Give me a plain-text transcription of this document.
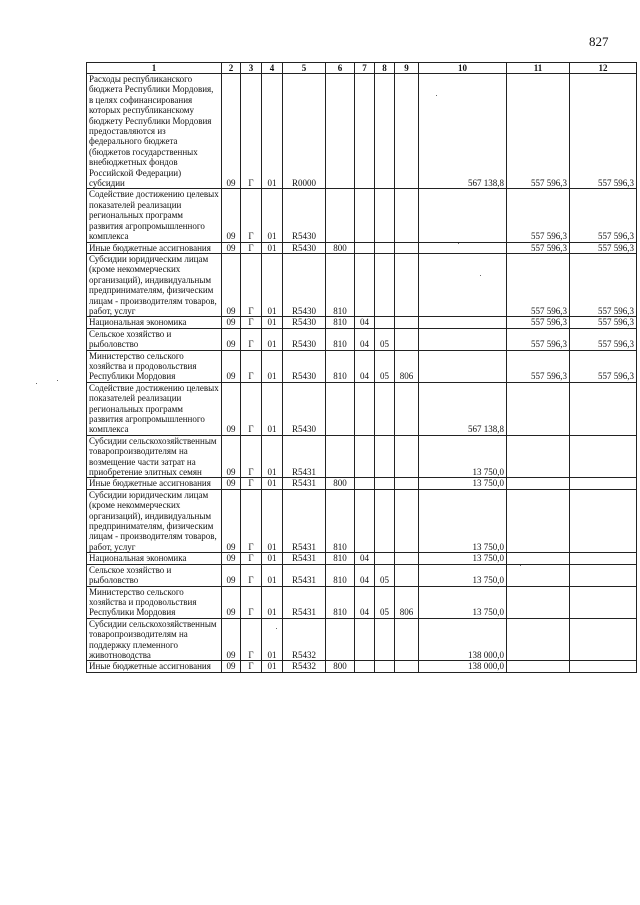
827
1	2	3	4	5	6	7	8	9	10	11	12

Расходы республиканского бюджета Республики Мордовия, в целях софинансирования которых республиканскому бюджету Республики Мордовия предоставляются из федерального бюджета (бюджетов государственных внебюджетных фондов Российской Федерации) субсидии	09	Г	01	R0000					567 138,8	557 596,3	557 596,3

Содействие достижению целевых показателей реализации региональных программ развития агропромышленного комплекса	09	Г	01	R5430						557 596,3	557 596,3

Иные бюджетные ассигнования	09	Г	01	R5430	800					557 596,3	557 596,3

Субсидии юридическим лицам (кроме некоммерческих организаций), индивидуальным предпринимателям, физическим лицам - производителям товаров, работ, услуг	09	Г	01	R5430	810					557 596,3	557 596,3

Национальная экономика	09	Г	01	R5430	810	04				557 596,3	557 596,3

Сельское хозяйство и рыболовство	09	Г	01	R5430	810	04	05			557 596,3	557 596,3

Министерство сельского хозяйства и продовольствия Республики Мордовия	09	Г	01	R5430	810	04	05	806		557 596,3	557 596,3

Содействие достижению целевых показателей реализации региональных программ развития агропромышленного комплекса	09	Г	01	R5430					567 138,8		

Субсидии сельскохозяйственным товаропроизводителям на возмещение части затрат на приобретение элитных семян	09	Г	01	R5431					13 750,0		

Иные бюджетные ассигнования	09	Г	01	R5431	800				13 750,0		

Субсидии юридическим лицам (кроме некоммерческих организаций), индивидуальным предпринимателям, физическим лицам - производителям товаров, работ, услуг	09	Г	01	R5431	810				13 750,0		

Национальная экономика	09	Г	01	R5431	810	04			13 750,0		

Сельское хозяйство и рыболовство	09	Г	01	R5431	810	04	05		13 750,0		

Министерство сельского хозяйства и продовольствия Республики Мордовия	09	Г	01	R5431	810	04	05	806	13 750,0		

Субсидии сельскохозяйственным товаропроизводителям на поддержку племенного животноводства	09	Г	01	R5432					138 000,0		

Иные бюджетные ассигнования	09	Г	01	R5432	800				138 000,0		
